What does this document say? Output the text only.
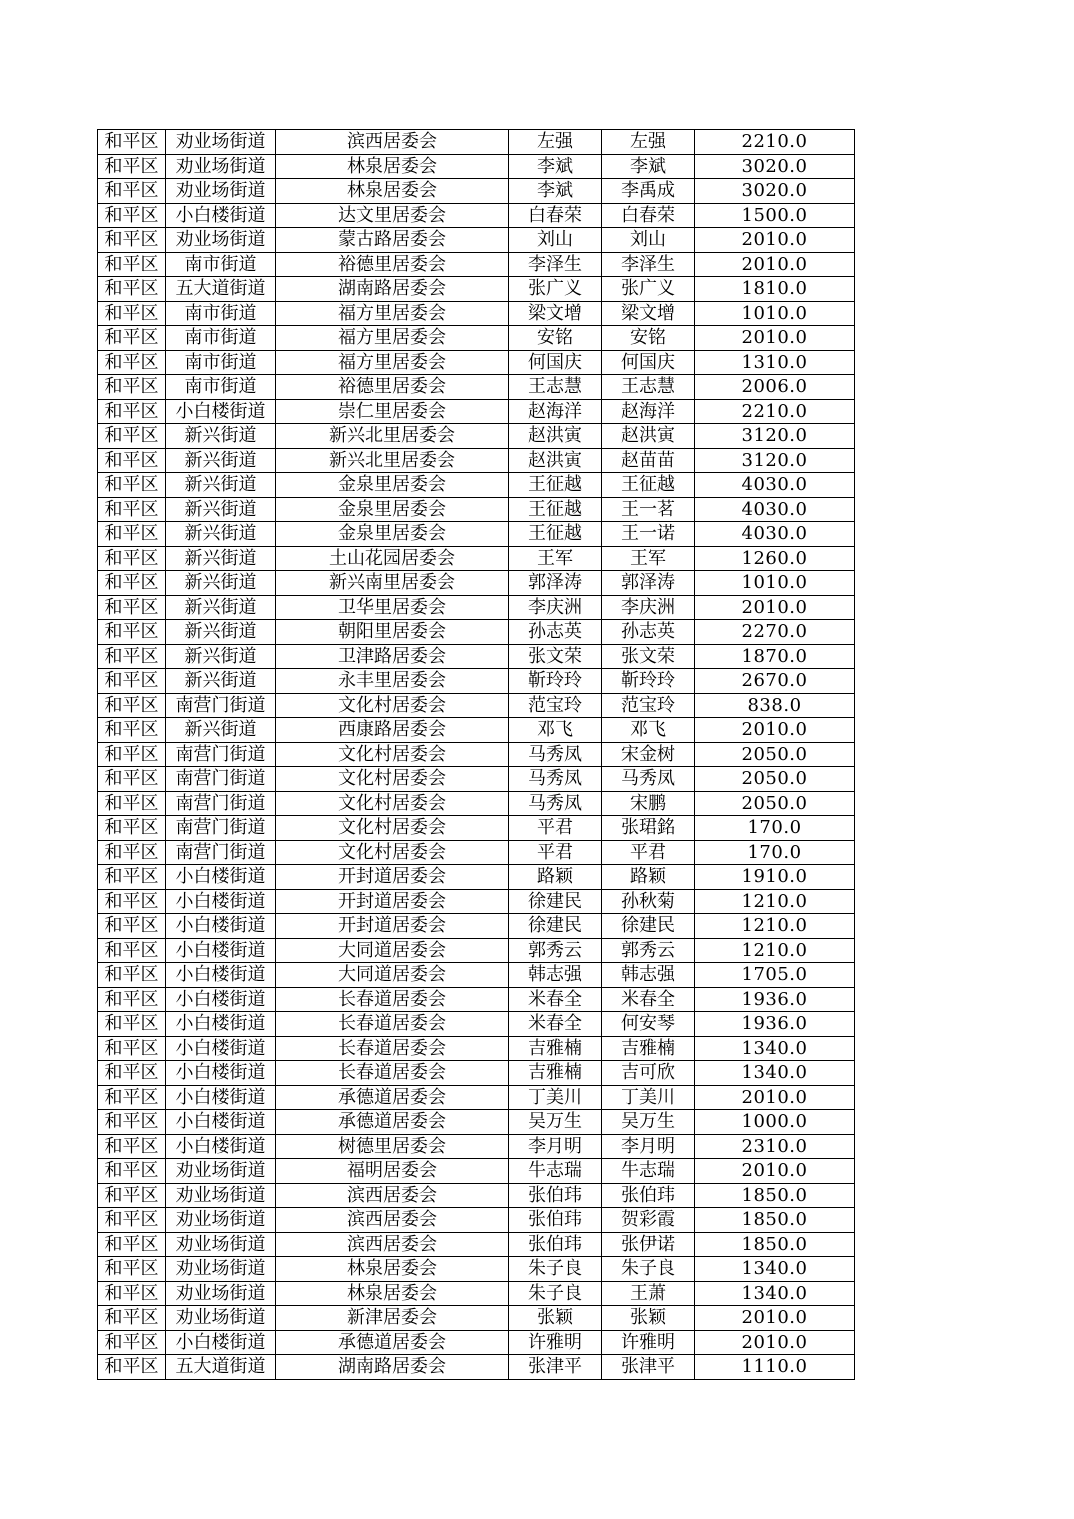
和平区	劝业场街道	滨西居委会	左强	左强	2210.0
和平区	劝业场街道	林泉居委会	李斌	李斌	3020.0
和平区	劝业场街道	林泉居委会	李斌	李禹成	3020.0
和平区	小白楼街道	达文里居委会	白春荣	白春荣	1500.0
和平区	劝业场街道	蒙古路居委会	刘山	刘山	2010.0
和平区	南市街道	裕德里居委会	李泽生	李泽生	2010.0
和平区	五大道街道	湖南路居委会	张广义	张广义	1810.0
和平区	南市街道	福方里居委会	梁文增	梁文增	1010.0
和平区	南市街道	福方里居委会	安铭	安铭	2010.0
和平区	南市街道	福方里居委会	何国庆	何国庆	1310.0
和平区	南市街道	裕德里居委会	王志慧	王志慧	2006.0
和平区	小白楼街道	崇仁里居委会	赵海洋	赵海洋	2210.0
和平区	新兴街道	新兴北里居委会	赵洪寅	赵洪寅	3120.0
和平区	新兴街道	新兴北里居委会	赵洪寅	赵苗苗	3120.0
和平区	新兴街道	金泉里居委会	王征越	王征越	4030.0
和平区	新兴街道	金泉里居委会	王征越	王一茗	4030.0
和平区	新兴街道	金泉里居委会	王征越	王一诺	4030.0
和平区	新兴街道	土山花园居委会	王军	王军	1260.0
和平区	新兴街道	新兴南里居委会	郭泽涛	郭泽涛	1010.0
和平区	新兴街道	卫华里居委会	李庆洲	李庆洲	2010.0
和平区	新兴街道	朝阳里居委会	孙志英	孙志英	2270.0
和平区	新兴街道	卫津路居委会	张文荣	张文荣	1870.0
和平区	新兴街道	永丰里居委会	靳玲玲	靳玲玲	2670.0
和平区	南营门街道	文化村居委会	范宝玲	范宝玲	838.0
和平区	新兴街道	西康路居委会	邓飞	邓飞	2010.0
和平区	南营门街道	文化村居委会	马秀凤	宋金树	2050.0
和平区	南营门街道	文化村居委会	马秀凤	马秀凤	2050.0
和平区	南营门街道	文化村居委会	马秀凤	宋鹏	2050.0
和平区	南营门街道	文化村居委会	平君	张珺銘	170.0
和平区	南营门街道	文化村居委会	平君	平君	170.0
和平区	小白楼街道	开封道居委会	路颖	路颖	1910.0
和平区	小白楼街道	开封道居委会	徐建民	孙秋菊	1210.0
和平区	小白楼街道	开封道居委会	徐建民	徐建民	1210.0
和平区	小白楼街道	大同道居委会	郭秀云	郭秀云	1210.0
和平区	小白楼街道	大同道居委会	韩志强	韩志强	1705.0
和平区	小白楼街道	长春道居委会	米春全	米春全	1936.0
和平区	小白楼街道	长春道居委会	米春全	何安琴	1936.0
和平区	小白楼街道	长春道居委会	吉雅楠	吉雅楠	1340.0
和平区	小白楼街道	长春道居委会	吉雅楠	吉可欣	1340.0
和平区	小白楼街道	承德道居委会	丁美川	丁美川	2010.0
和平区	小白楼街道	承德道居委会	吴万生	吴万生	1000.0
和平区	小白楼街道	树德里居委会	李月明	李月明	2310.0
和平区	劝业场街道	福明居委会	牛志瑞	牛志瑞	2010.0
和平区	劝业场街道	滨西居委会	张伯玮	张伯玮	1850.0
和平区	劝业场街道	滨西居委会	张伯玮	贺彩霞	1850.0
和平区	劝业场街道	滨西居委会	张伯玮	张伊诺	1850.0
和平区	劝业场街道	林泉居委会	朱子良	朱子良	1340.0
和平区	劝业场街道	林泉居委会	朱子良	王萧	1340.0
和平区	劝业场街道	新津居委会	张颖	张颖	2010.0
和平区	小白楼街道	承德道居委会	许雅明	许雅明	2010.0
和平区	五大道街道	湖南路居委会	张津平	张津平	1110.0
